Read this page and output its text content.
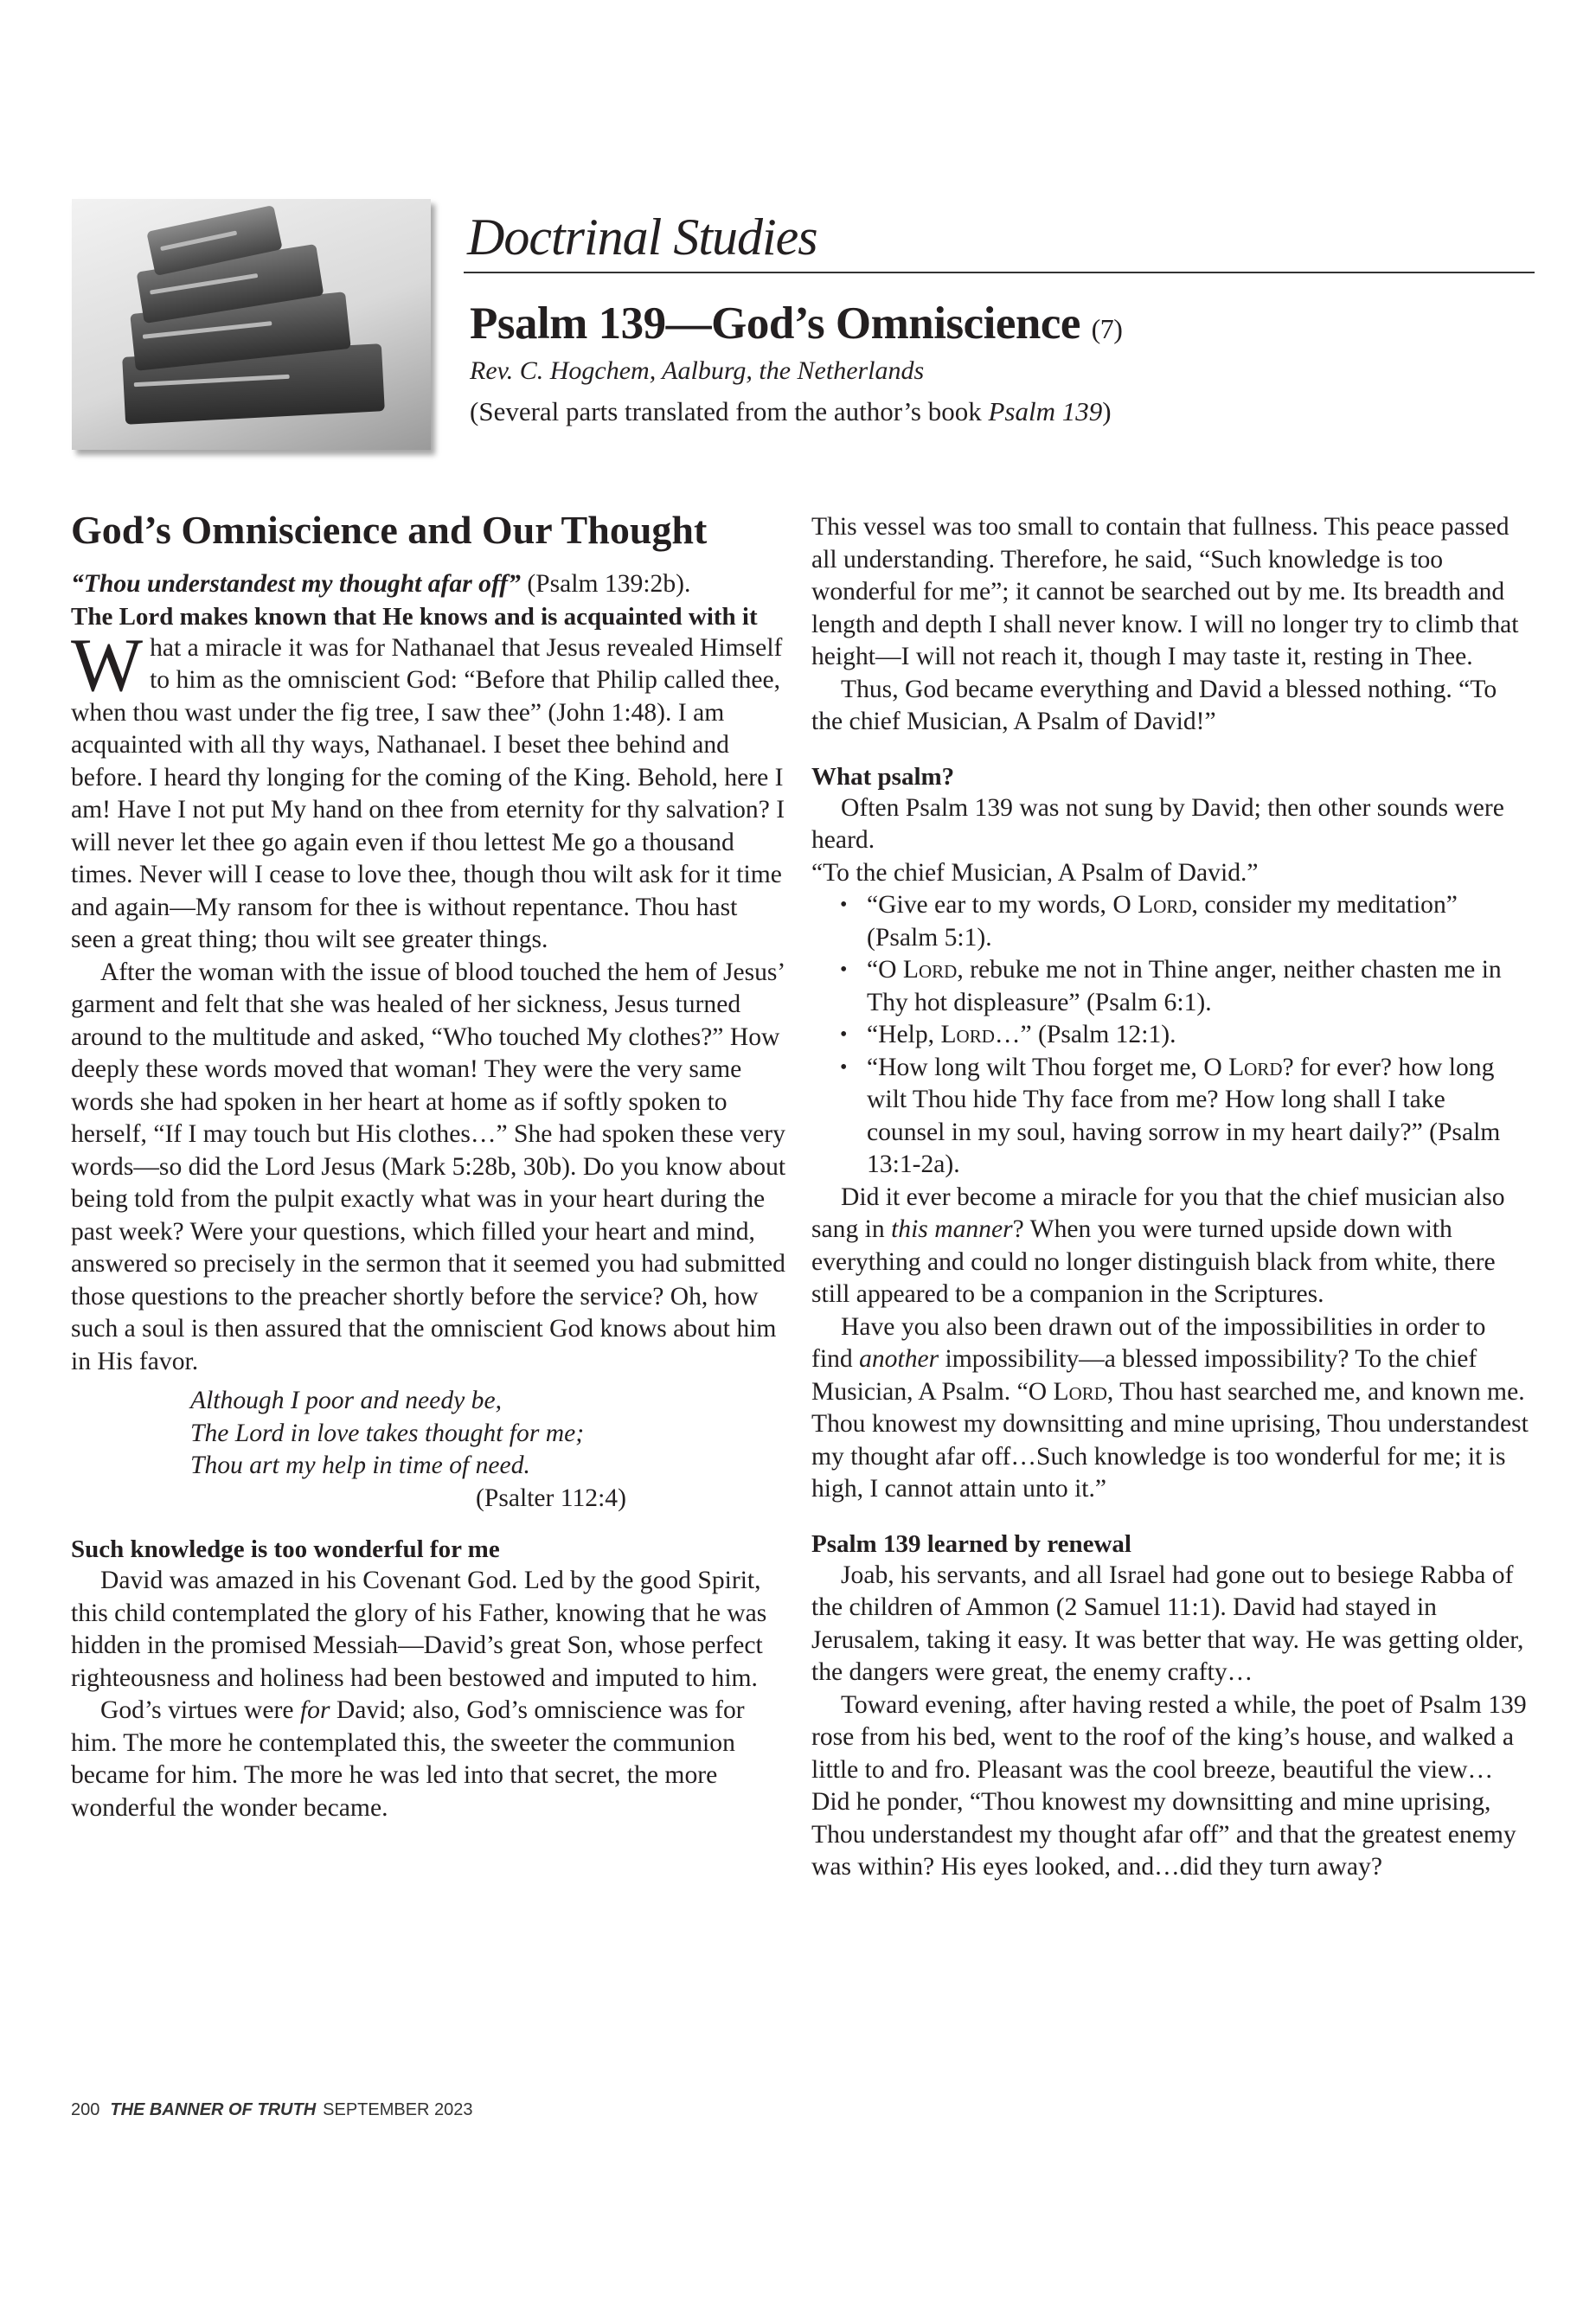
Doctrinal Studies
Psalm 139—God’s Omniscience (7)
Rev. C. Hogchem, Aalburg, the Netherlands
(Several parts translated from the author’s book Psalm 139)
God’s Omniscience and Our Thought

“Thou understandest my thought afar off” (Psalm 139:2b).

The Lord makes known that He knows and is acquainted with it

What a miracle it was for Nathanael that Jesus revealed Himself to him as the omniscient God: “Before that Philip called thee, when thou wast under the fig tree, I saw thee” (John 1:48). I am acquainted with all thy ways, Nathanael. I beset thee behind and before. I heard thy longing for the coming of the King. Behold, here I am! Have I not put My hand on thee from eternity for thy salvation? I will never let thee go again even if thou lettest Me go a thousand times. Never will I cease to love thee, though thou wilt ask for it time and again—My ransom for thee is without repentance. Thou hast seen a great thing; thou wilt see greater things.

After the woman with the issue of blood touched the hem of Jesus’ garment and felt that she was healed of her sickness, Jesus turned around to the multitude and asked, “Who touched My clothes?” How deeply these words moved that woman! They were the very same words she had spoken in her heart at home as if softly spoken to herself, “If I may touch but His clothes…” She had spoken these very words—so did the Lord Jesus (Mark 5:28b, 30b). Do you know about being told from the pulpit exactly what was in your heart during the past week? Were your questions, which filled your heart and mind, answered so precisely in the sermon that it seemed you had submitted those questions to the preacher shortly before the service? Oh, how such a soul is then assured that the omniscient God knows about him in His favor.

Although I poor and needy be,
The Lord in love takes thought for me;
Thou art my help in time of need.
(Psalter 112:4)

Such knowledge is too wonderful for me

David was amazed in his Covenant God. Led by the good Spirit, this child contemplated the glory of his Father, knowing that he was hidden in the promised Messiah—David’s great Son, whose perfect righteousness and holiness had been bestowed and imputed to him.

God’s virtues were for David; also, God’s omniscience was for him. The more he contemplated this, the sweeter the communion became for him. The more he was led into that secret, the more wonderful the wonder became.

This vessel was too small to contain that fullness. This peace passed all understanding. Therefore, he said, “Such knowledge is too wonderful for me”; it cannot be searched out by me. Its breadth and length and depth I shall never know. I will no longer try to climb that height—I will not reach it, though I may taste it, resting in Thee.

Thus, God became everything and David a blessed nothing. “To the chief Musician, A Psalm of David!”

What psalm?

Often Psalm 139 was not sung by David; then other sounds were heard.

“To the chief Musician, A Psalm of David.”

• “Give ear to my words, O Lord, consider my meditation” (Psalm 5:1).
• “O Lord, rebuke me not in Thine anger, neither chasten me in Thy hot displeasure” (Psalm 6:1).
• “Help, Lord…” (Psalm 12:1).
• “How long wilt Thou forget me, O Lord? for ever? how long wilt Thou hide Thy face from me? How long shall I take counsel in my soul, having sorrow in my heart daily?” (Psalm 13:1-2a).

Did it ever become a miracle for you that the chief musician also sang in this manner? When you were turned upside down with everything and could no longer distinguish black from white, there still appeared to be a companion in the Scriptures.

Have you also been drawn out of the impossibilities in order to find another impossibility—a blessed impossibility? To the chief Musician, A Psalm. “O Lord, Thou hast searched me, and known me. Thou knowest my downsitting and mine uprising, Thou understandest my thought afar off…Such knowledge is too wonderful for me; it is high, I cannot attain unto it.”

Psalm 139 learned by renewal

Joab, his servants, and all Israel had gone out to besiege Rabba of the children of Ammon (2 Samuel 11:1). David had stayed in Jerusalem, taking it easy. It was better that way. He was getting older, the dangers were great, the enemy crafty…

Toward evening, after having rested a while, the poet of Psalm 139 rose from his bed, went to the roof of the king’s house, and walked a little to and fro. Pleasant was the cool breeze, beautiful the view… Did he ponder, “Thou knowest my downsitting and mine uprising, Thou understandest my thought afar off” and that the greatest enemy was within? His eyes looked, and…did they turn away?

200 THE BANNER OF TRUTH SEPTEMBER 2023
